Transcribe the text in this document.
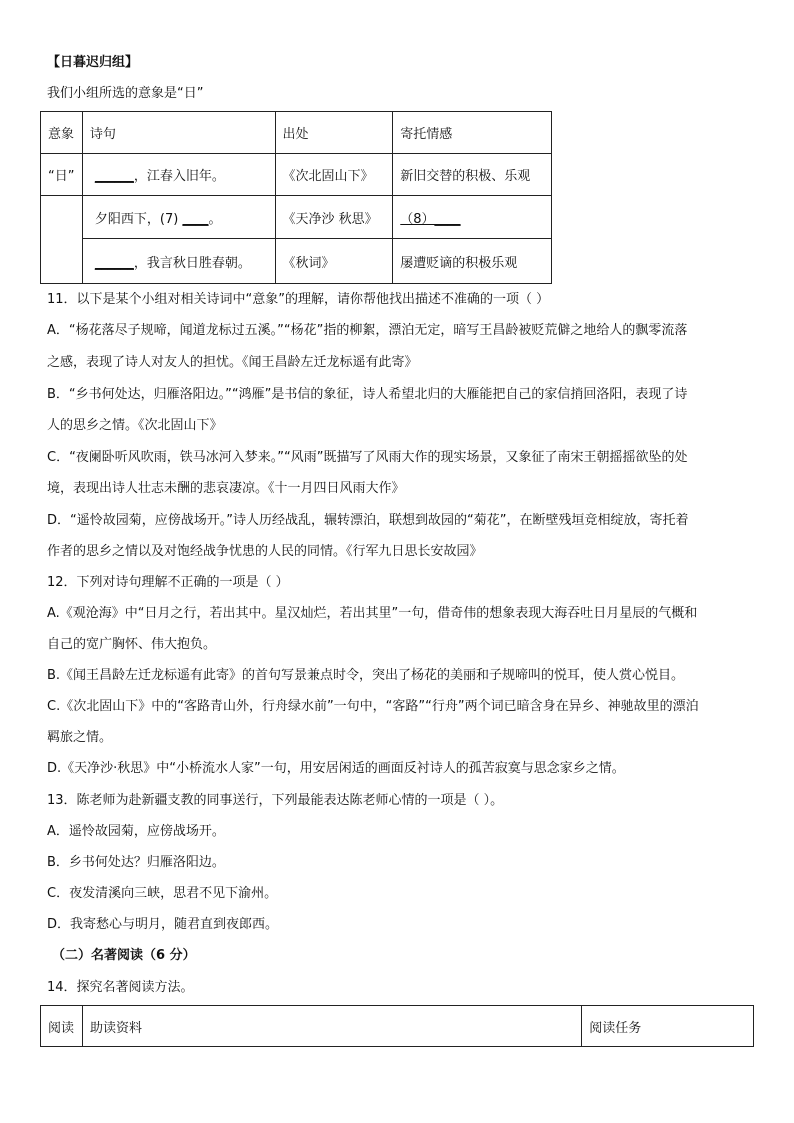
【日暮迟归组】
我们小组所选的意象是“日”
意象	诗句	出处	寄托情感
“日”	______，江春入旧年。	《次北固山下》	新旧交替的积极、乐观
	夕阳西下，(7) ____。	《天净沙 秋思》	（8）____
	______，我言秋日胜春朝。	《秋词》	屡遭贬谪的积极乐观
11．以下是某个小组对相关诗词中“意象”的理解，请你帮他找出描述不准确的一项（ ）
A．“杨花落尽子规啼，闻道龙标过五溪。”“杨花”指的柳絮，漂泊无定，暗写王昌龄被贬荒僻之地给人的飘零流落
之感，表现了诗人对友人的担忧。《闻王昌龄左迁龙标遥有此寄》
B．“乡书何处达，归雁洛阳边。”“鸿雁”是书信的象征，诗人希望北归的大雁能把自己的家信捎回洛阳，表现了诗
人的思乡之情。《次北固山下》
C．“夜阑卧听风吹雨，铁马冰河入梦来。”“风雨”既描写了风雨大作的现实场景，又象征了南宋王朝摇摇欲坠的处
境，表现出诗人壮志未酬的悲哀凄凉。《十一月四日风雨大作》
D．“遥怜故园菊，应傍战场开。”诗人历经战乱，辗转漂泊，联想到故园的“菊花”，在断壁残垣竞相绽放，寄托着
作者的思乡之情以及对饱经战争忧患的人民的同情。《行军九日思长安故园》
12．下列对诗句理解不正确的一项是（ ）
A.《观沧海》中“日月之行，若出其中。星汉灿烂，若出其里”一句，借奇伟的想象表现大海吞吐日月星辰的气概和
自己的宽广胸怀、伟大抱负。
B.《闻王昌龄左迁龙标遥有此寄》的首句写景兼点时令，突出了杨花的美丽和子规啼叫的悦耳，使人赏心悦目。
C.《次北固山下》中的“客路青山外，行舟绿水前”一句中，“客路”“行舟”两个词已暗含身在异乡、神驰故里的漂泊
羁旅之情。
D.《天净沙·秋思》中“小桥流水人家”一句，用安居闲适的画面反衬诗人的孤苦寂寞与思念家乡之情。
13．陈老师为赴新疆支教的同事送行，下列最能表达陈老师心情的一项是（ ）。
A．遥怜故园菊，应傍战场开。
B．乡书何处达？归雁洛阳边。
C．夜发清溪向三峡，思君不见下渝州。
D．我寄愁心与明月，随君直到夜郎西。
（二）名著阅读（6 分）
14．探究名著阅读方法。
阅读	助读资料	阅读任务
